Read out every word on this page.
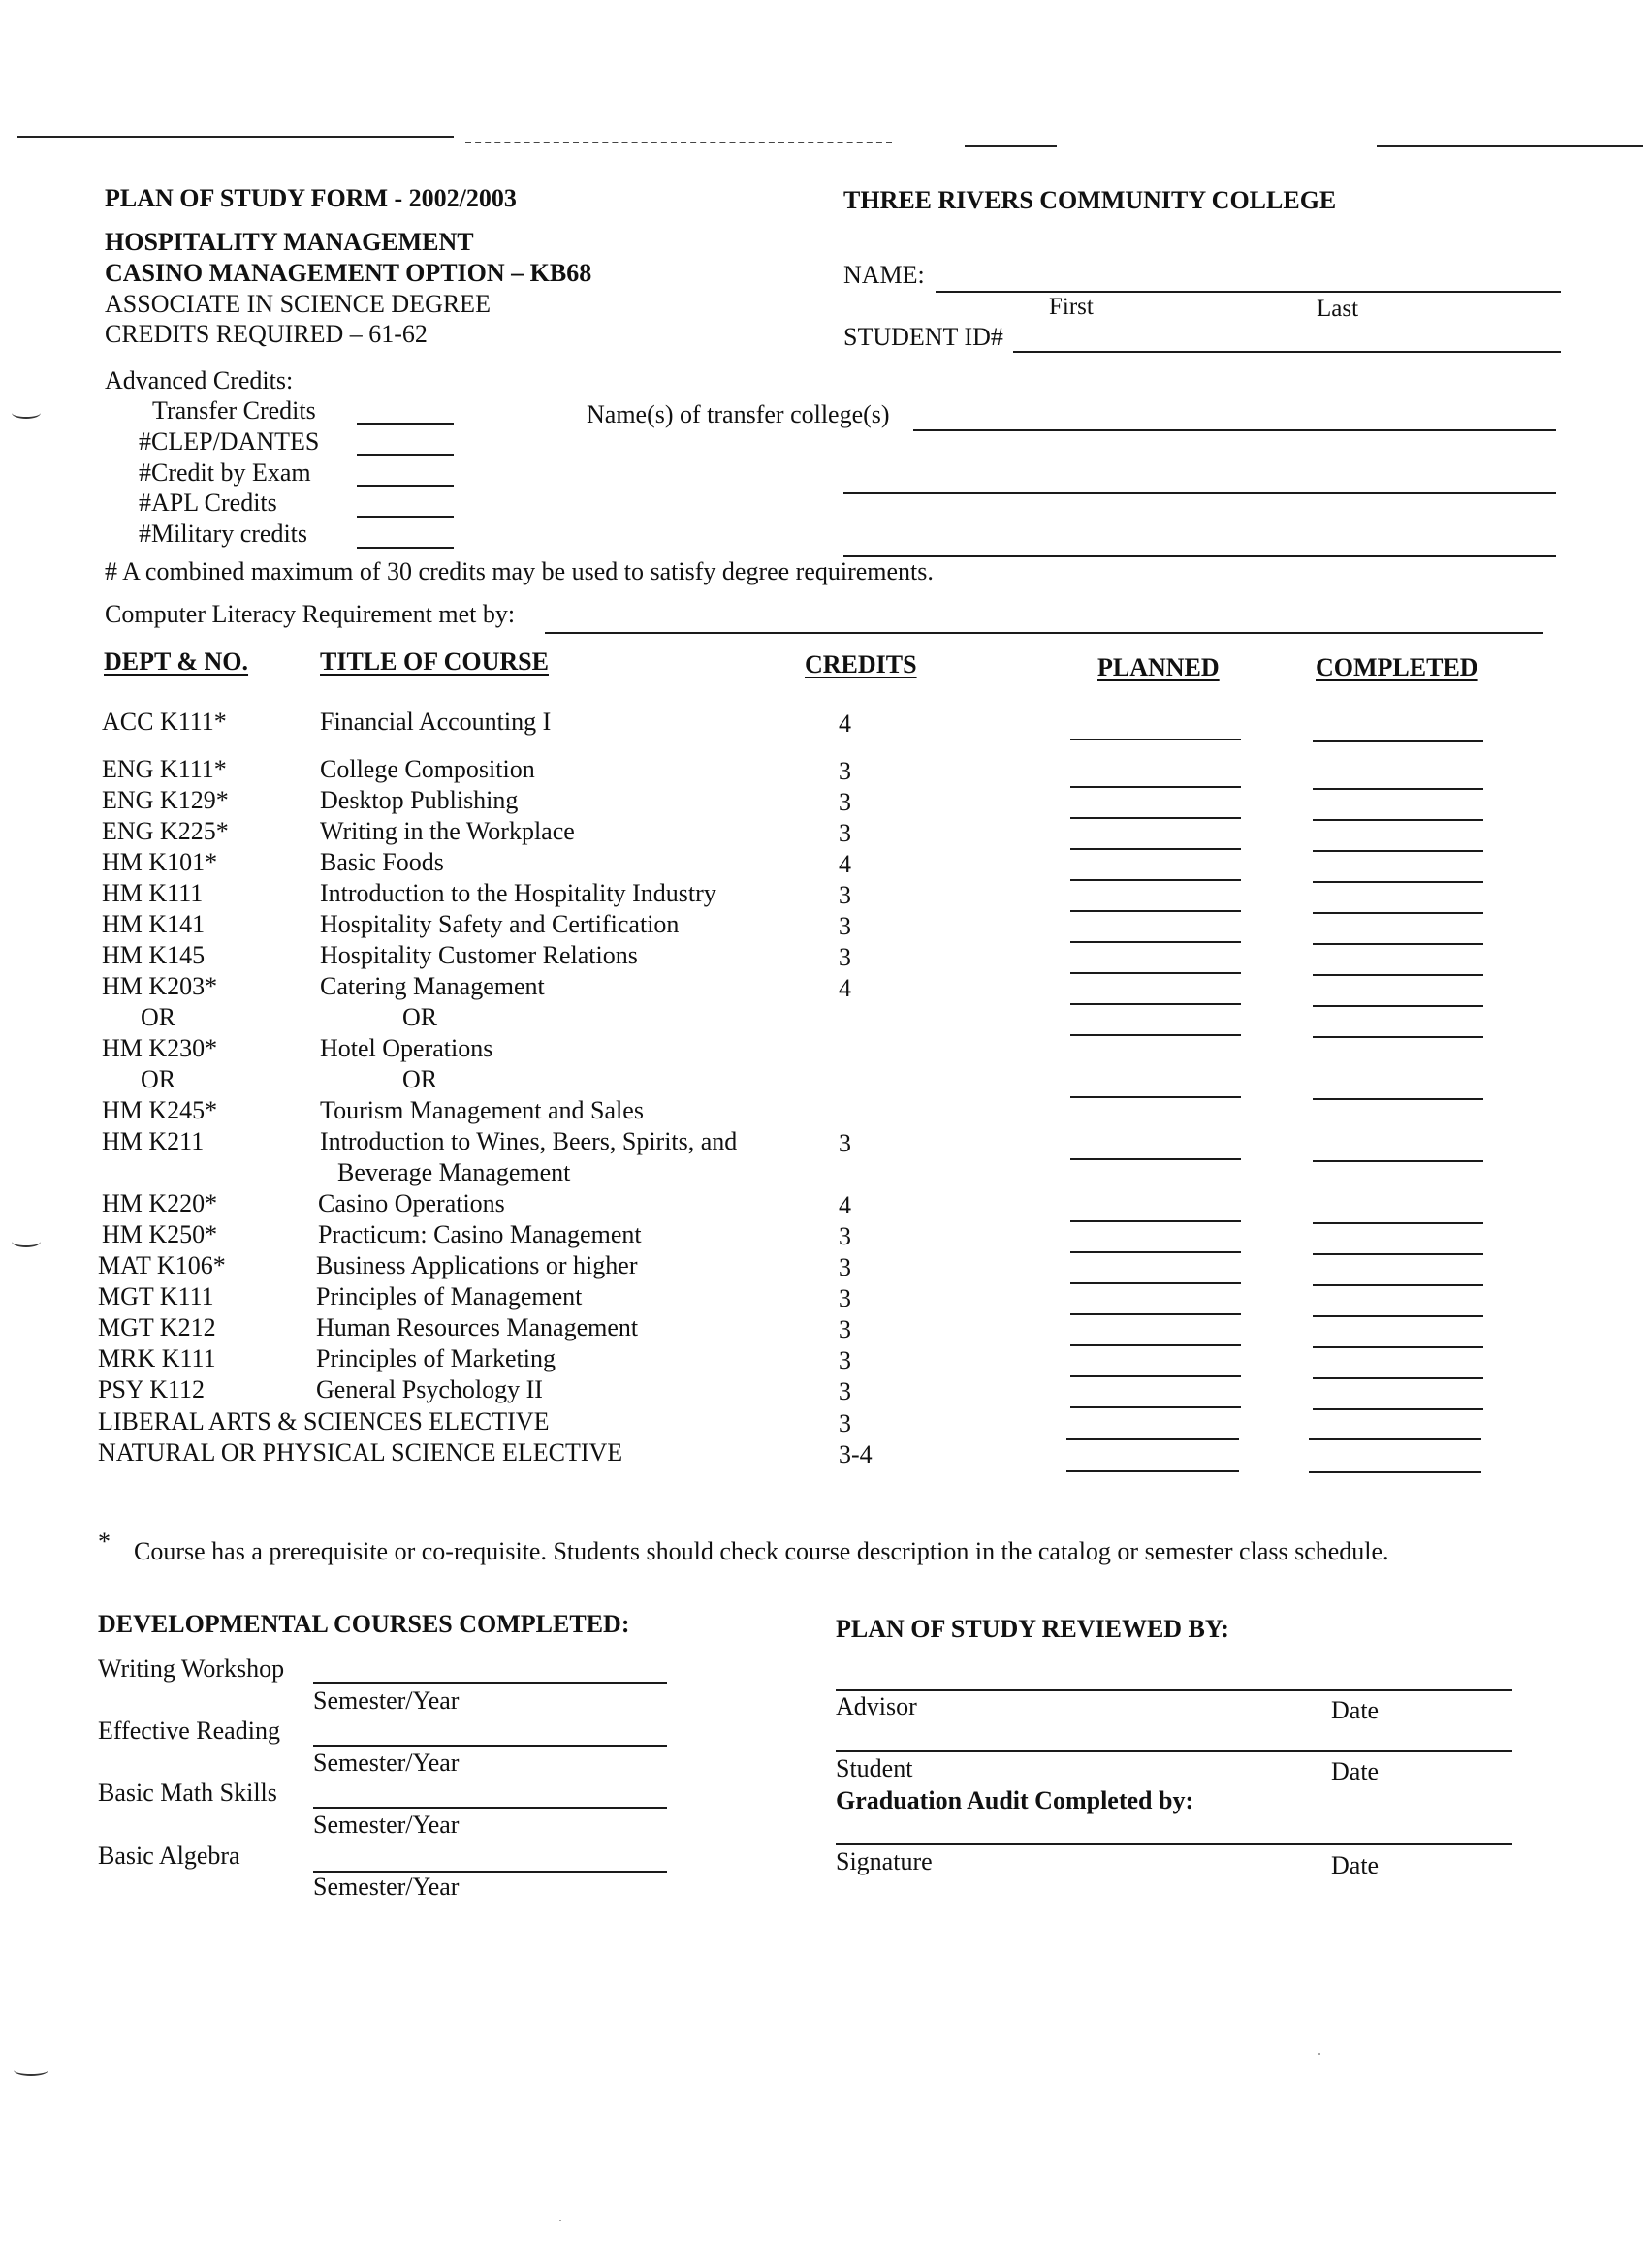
PLAN OF STUDY FORM - 2002/2003
HOSPITALITY MANAGEMENT
CASINO MANAGEMENT OPTION – KB68
ASSOCIATE IN SCIENCE DEGREE
CREDITS REQUIRED – 61-62
THREE RIVERS COMMUNITY COLLEGE
NAME:
First	Last
STUDENT ID#
Advanced Credits:
Transfer Credits
#CLEP/DANTES
#Credit by Exam
#APL Credits
#Military credits
Name(s) of transfer college(s)
# A combined maximum of 30 credits may be used to satisfy degree requirements.
Computer Literacy Requirement met by:
DEPT & NO.	TITLE OF COURSE	CREDITS	PLANNED	COMPLETED
ACC K111*	Financial Accounting I	4
ENG K111*	College Composition	3
ENG K129*	Desktop Publishing	3
ENG K225*	Writing in the Workplace	3
HM K101*	Basic Foods	4
HM K111	Introduction to the Hospitality Industry	3
HM K141	Hospitality Safety and Certification	3
HM K145	Hospitality Customer Relations	3
HM K203*	Catering Management	4
OR	OR
HM K230*	Hotel Operations
OR	OR
HM K245*	Tourism Management and Sales
HM K211	Introduction to Wines, Beers, Spirits, and	3
Beverage Management
HM K220*	Casino Operations	4
HM K250*	Practicum: Casino Management	3
MAT K106*	Business Applications or higher	3
MGT K111	Principles of Management	3
MGT K212	Human Resources Management	3
MRK K111	Principles of Marketing	3
PSY K112	General Psychology II	3
LIBERAL ARTS & SCIENCES ELECTIVE	3
NATURAL OR PHYSICAL SCIENCE ELECTIVE	3-4
* Course has a prerequisite or co-requisite. Students should check course description in the catalog or semester class schedule.
DEVELOPMENTAL COURSES COMPLETED:
Writing Workshop
Semester/Year
Effective Reading
Semester/Year
Basic Math Skills
Semester/Year
Basic Algebra
Semester/Year
PLAN OF STUDY REVIEWED BY:
Advisor	Date
Student	Date
Graduation Audit Completed by:
Signature	Date
